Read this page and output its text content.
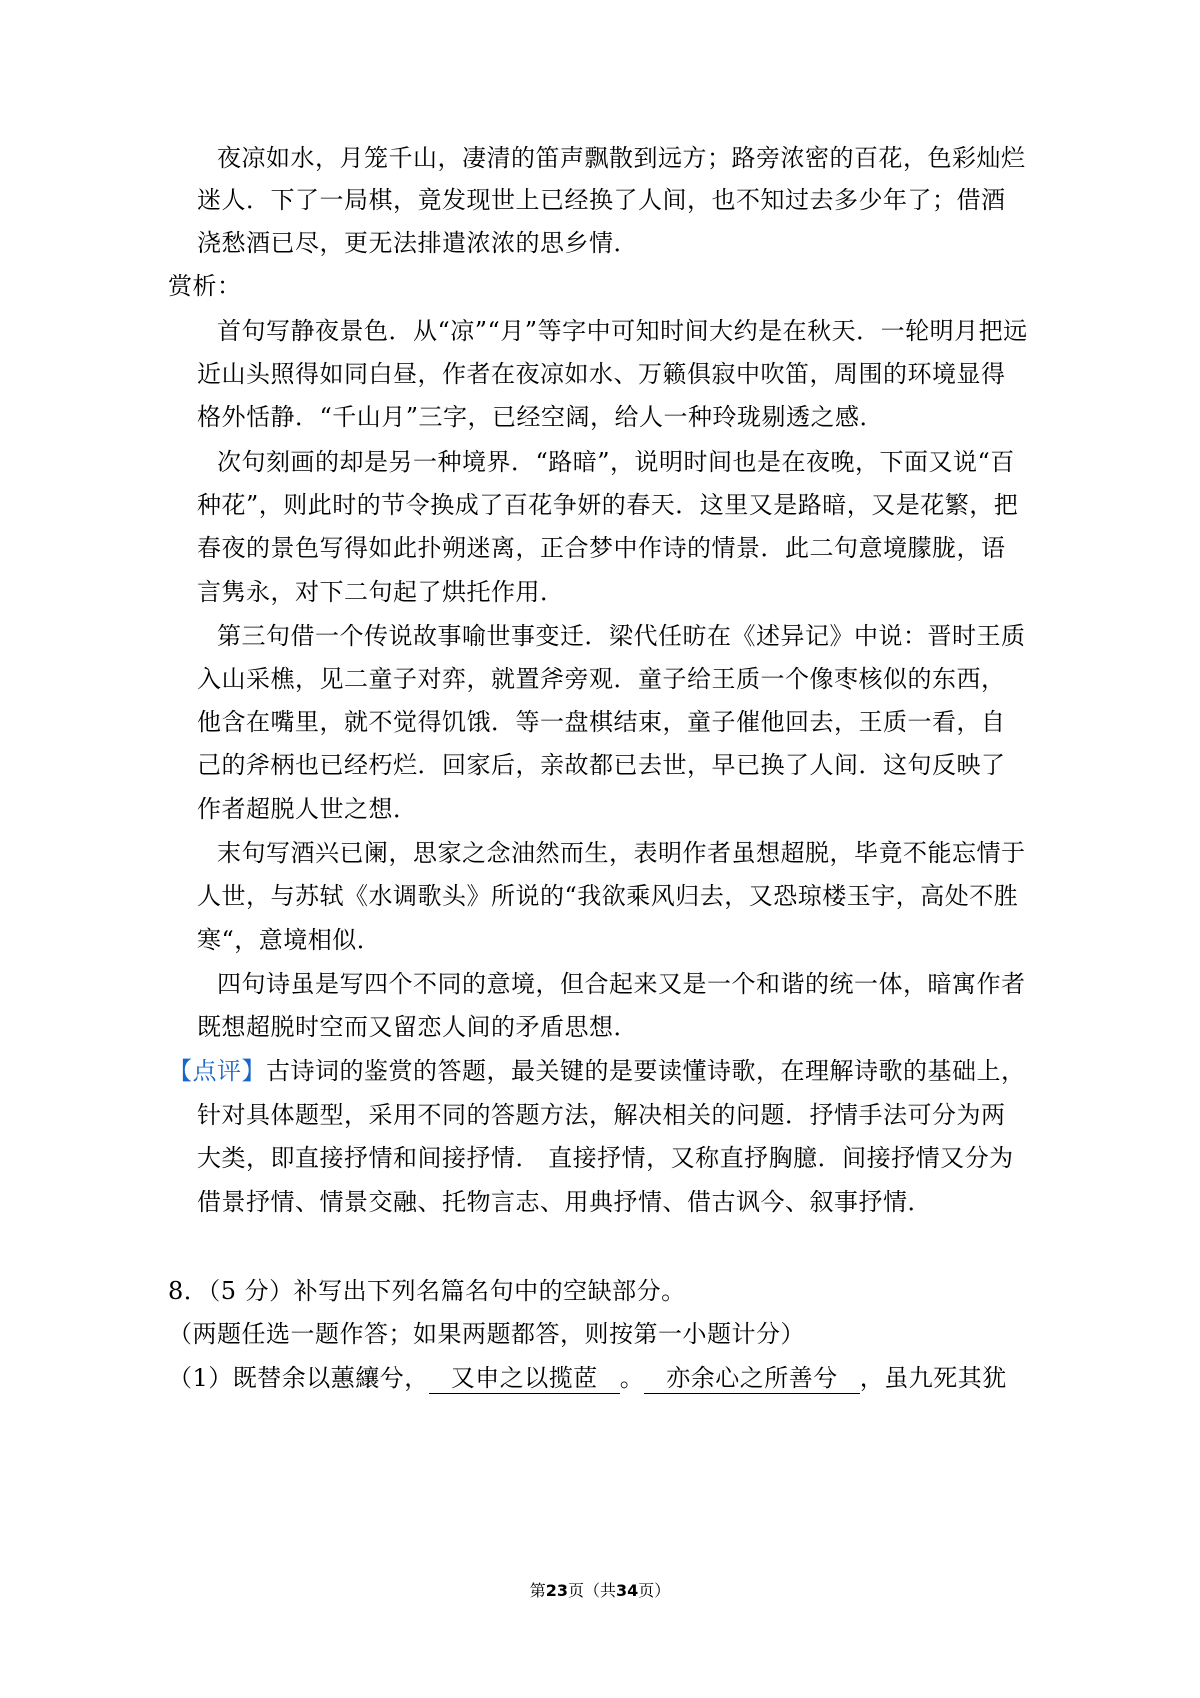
夜凉如水，月笼千山，凄清的笛声飘散到远方；路旁浓密的百花，色彩灿烂
迷人．下了一局棋，竟发现世上已经换了人间，也不知过去多少年了；借酒
浇愁酒已尽，更无法排遣浓浓的思乡情．
赏析：
首句写静夜景色．从“凉”“月”等字中可知时间大约是在秋天．一轮明月把远
近山头照得如同白昼，作者在夜凉如水、万籁俱寂中吹笛，周围的环境显得
格外恬静．“千山月”三字，已经空阔，给人一种玲珑剔透之感．
次句刻画的却是另一种境界．“路暗”，说明时间也是在夜晚，下面又说“百
种花”，则此时的节令换成了百花争妍的春天．这里又是路暗，又是花繁，把
春夜的景色写得如此扑朔迷离，正合梦中作诗的情景．此二句意境朦胧，语
言隽永，对下二句起了烘托作用．
第三句借一个传说故事喻世事变迁．梁代任昉在《述异记》中说：晋时王质
入山采樵，见二童子对弈，就置斧旁观．童子给王质一个像枣核似的东西，
他含在嘴里，就不觉得饥饿．等一盘棋结束，童子催他回去，王质一看，自
己的斧柄也已经朽烂．回家后，亲故都已去世，早已换了人间．这句反映了
作者超脱人世之想．
末句写酒兴已阑，思家之念油然而生，表明作者虽想超脱，毕竟不能忘情于
人世，与苏轼《水调歌头》所说的“我欲乘风归去，又恐琼楼玉宇，高处不胜
寒“，意境相似．
四句诗虽是写四个不同的意境，但合起来又是一个和谐的统一体，暗寓作者
既想超脱时空而又留恋人间的矛盾思想．
【点评】古诗词的鉴赏的答题，最关键的是要读懂诗歌，在理解诗歌的基础上，
针对具体题型，采用不同的答题方法，解决相关的问题．抒情手法可分为两
大类，即直接抒情和间接抒情． 直接抒情，又称直抒胸臆．间接抒情又分为
借景抒情、情景交融、托物言志、用典抒情、借古讽今、叙事抒情．
8．（5 分）补写出下列名篇名句中的空缺部分。
（两题任选一题作答；如果两题都答，则按第一小题计分）
（1）既替余以蕙纕兮， 又申之以揽茝 。 亦余心之所善兮 ，虽九死其犹
第23页（共34页）
